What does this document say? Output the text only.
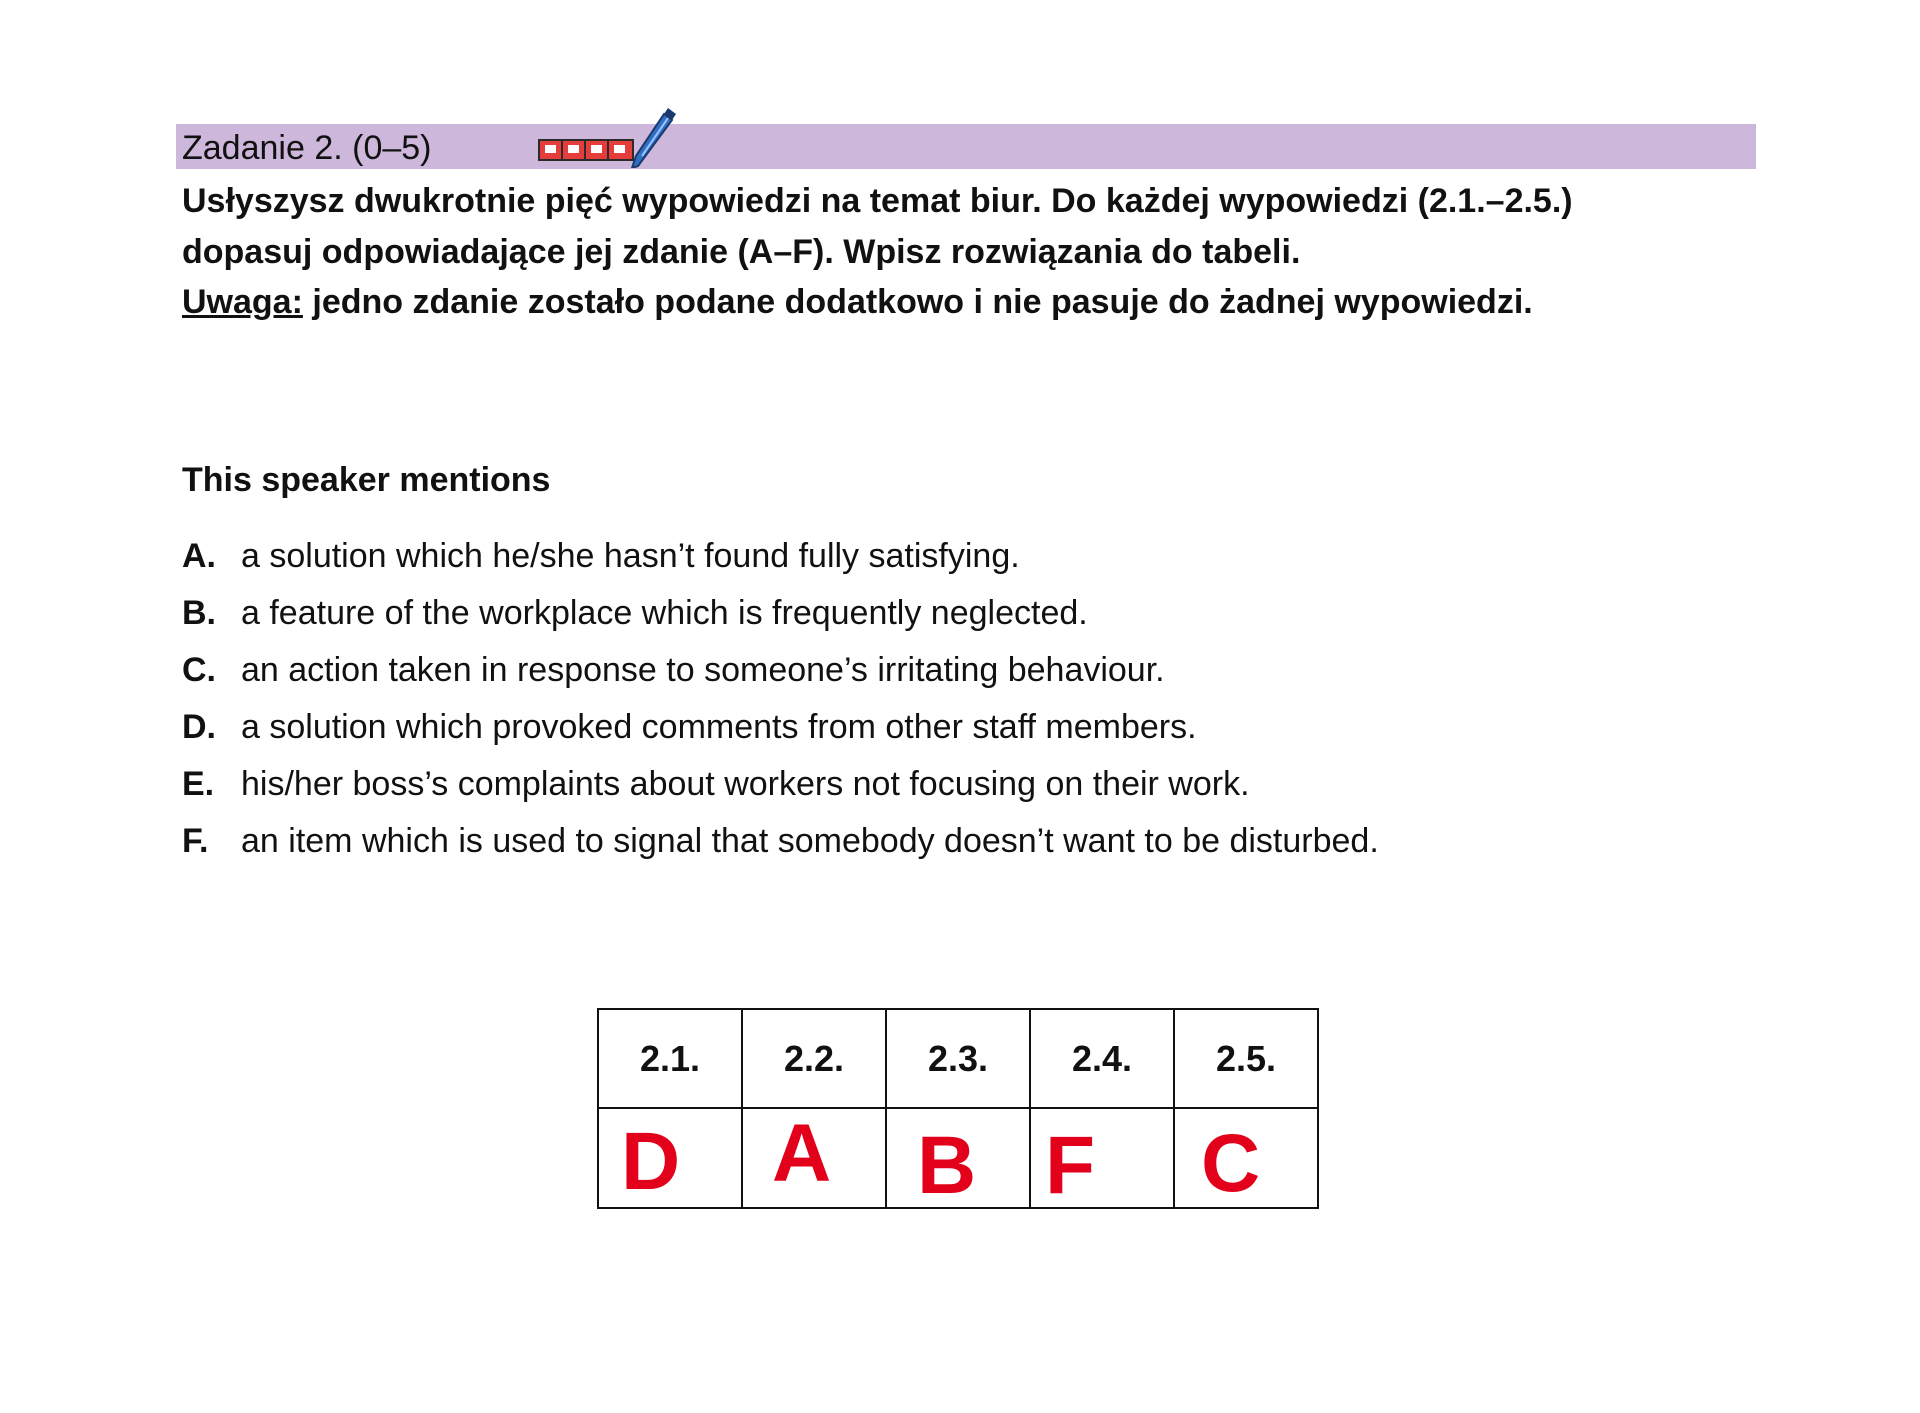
Zadanie 2. (0–5)

Usłyszysz dwukrotnie pięć wypowiedzi na temat biur. Do każdej wypowiedzi (2.1.–2.5.)

dopasuj odpowiadające jej zdanie (A–F). Wpisz rozwiązania do tabeli.

Uwaga: jedno zdanie zostało podane dodatkowo i nie pasuje do żadnej wypowiedzi.

This speaker mentions
A. a solution which he/she hasn’t found fully satisfying.
B. a feature of the workplace which is frequently neglected.
C. an action taken in response to someone’s irritating behaviour.
D. a solution which provoked comments from other staff members.
E. his/her boss’s complaints about workers not focusing on their work.
F. an item which is used to signal that somebody doesn’t want to be disturbed.
2.1.	2.2.	2.3.	2.4.	2.5.

D	A	B	F	C
